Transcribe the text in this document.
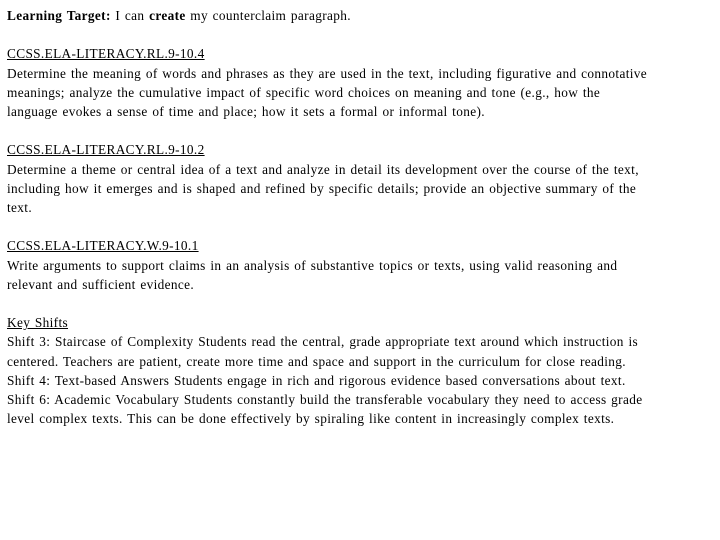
Learning Target: I can create my counterclaim paragraph.
CCSS.ELA-LITERACY.RL.9-10.4
Determine the meaning of words and phrases as they are used in the text, including figurative and connotative
meanings; analyze the cumulative impact of specific word choices on meaning and tone (e.g., how the
language evokes a sense of time and place; how it sets a formal or informal tone).
CCSS.ELA-LITERACY.RL.9-10.2
Determine a theme or central idea of a text and analyze in detail its development over the course of the text,
including how it emerges and is shaped and refined by specific details; provide an objective summary of the
text.
CCSS.ELA-LITERACY.W.9-10.1
Write arguments to support claims in an analysis of substantive topics or texts, using valid reasoning and
relevant and sufficient evidence.
Key Shifts
Shift 3: Staircase of Complexity Students read the central, grade appropriate text around which instruction is
centered. Teachers are patient, create more time and space and support in the curriculum for close reading.
Shift 4: Text-based Answers Students engage in rich and rigorous evidence based conversations about text.
Shift 6: Academic Vocabulary Students constantly build the transferable vocabulary they need to access grade
level complex texts. This can be done effectively by spiraling like content in increasingly complex texts.
